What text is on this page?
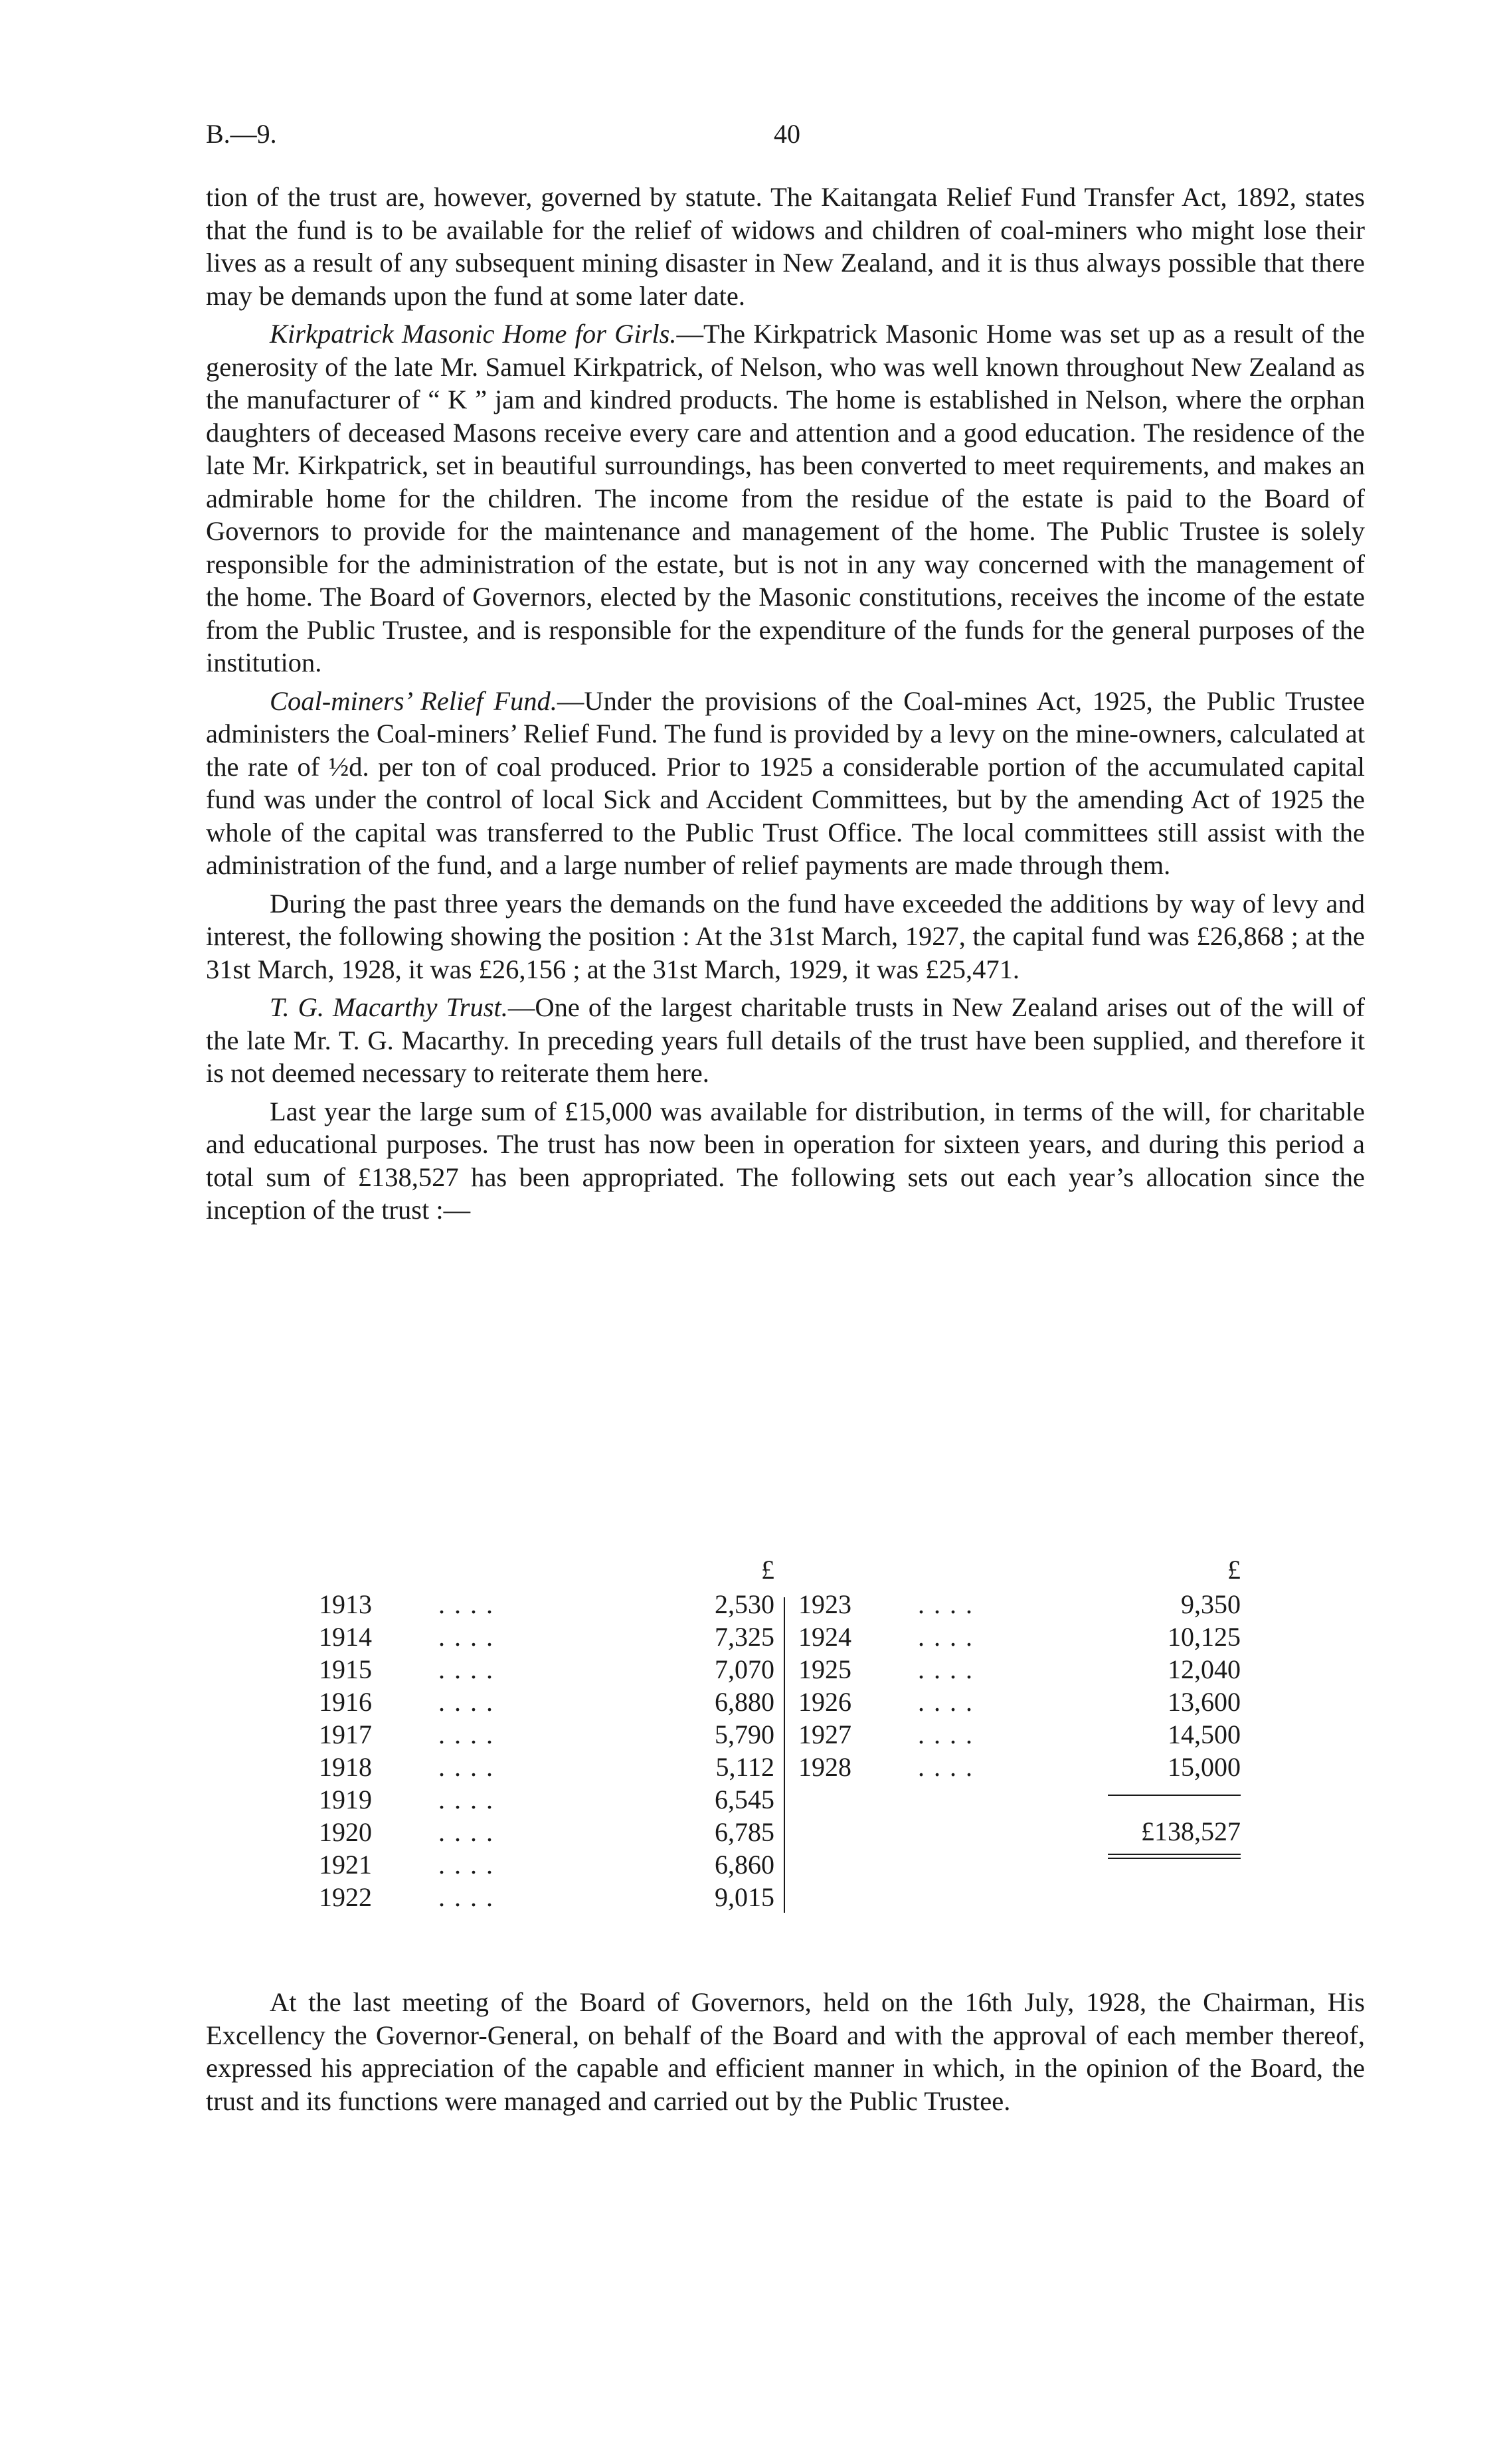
B.—9.	40

tion of the trust are, however, governed by statute. The Kaitangata Relief Fund Transfer Act, 1892, states that the fund is to be available for the relief of widows and children of coal-miners who might lose their lives as a result of any subsequent mining disaster in New Zealand, and it is thus always possible that there may be demands upon the fund at some later date.

Kirkpatrick Masonic Home for Girls.—The Kirkpatrick Masonic Home was set up as a result of the generosity of the late Mr. Samuel Kirkpatrick, of Nelson, who was well known throughout New Zealand as the manufacturer of “ K ” jam and kindred products. The home is established in Nelson, where the orphan daughters of deceased Masons receive every care and attention and a good education. The residence of the late Mr. Kirkpatrick, set in beautiful surroundings, has been converted to meet requirements, and makes an admirable home for the children. The income from the residue of the estate is paid to the Board of Governors to provide for the maintenance and management of the home. The Public Trustee is solely responsible for the administration of the estate, but is not in any way concerned with the management of the home. The Board of Governors, elected by the Masonic constitutions, receives the income of the estate from the Public Trustee, and is responsible for the expenditure of the funds for the general purposes of the institution.

Coal-miners’ Relief Fund.—Under the provisions of the Coal-mines Act, 1925, the Public Trustee administers the Coal-miners’ Relief Fund. The fund is provided by a levy on the mine-owners, calculated at the rate of ½d. per ton of coal produced. Prior to 1925 a considerable portion of the accumulated capital fund was under the control of local Sick and Accident Committees, but by the amending Act of 1925 the whole of the capital was transferred to the Public Trust Office. The local committees still assist with the administration of the fund, and a large number of relief payments are made through them.

During the past three years the demands on the fund have exceeded the additions by way of levy and interest, the following showing the position : At the 31st March, 1927, the capital fund was £26,868 ; at the 31st March, 1928, it was £26,156 ; at the 31st March, 1929, it was £25,471.

T. G. Macarthy Trust.—One of the largest charitable trusts in New Zealand arises out of the will of the late Mr. T. G. Macarthy. In preceding years full details of the trust have been supplied, and therefore it is not deemed necessary to reiterate them here.

Last year the large sum of £15,000 was available for distribution, in terms of the will, for charitable and educational purposes. The trust has now been in operation for sixteen years, and during this period a total sum of £138,527 has been appropriated. The following sets out each year’s allocation since the inception of the trust :—

£
1913	. . . .	2,530
1914	. . . .	7,325
1915	. . . .	7,070
1916	. . . .	6,880
1917	. . . .	5,790
1918	. . . .	5,112
1919	. . . .	6,545
1920	. . . .	6,785
1921	. . . .	6,860
1922	. . . .	9,015
£
1923	. . . .	9,350
1924	. . . .	10,125
1925	. . . .	12,040
1926	. . . .	13,600
1927	. . . .	14,500
1928	. . . .	15,000
£138,527

At the last meeting of the Board of Governors, held on the 16th July, 1928, the Chairman, His Excellency the Governor-General, on behalf of the Board and with the approval of each member thereof, expressed his appreciation of the capable and efficient manner in which, in the opinion of the Board, the trust and its functions were managed and carried out by the Public Trustee.
